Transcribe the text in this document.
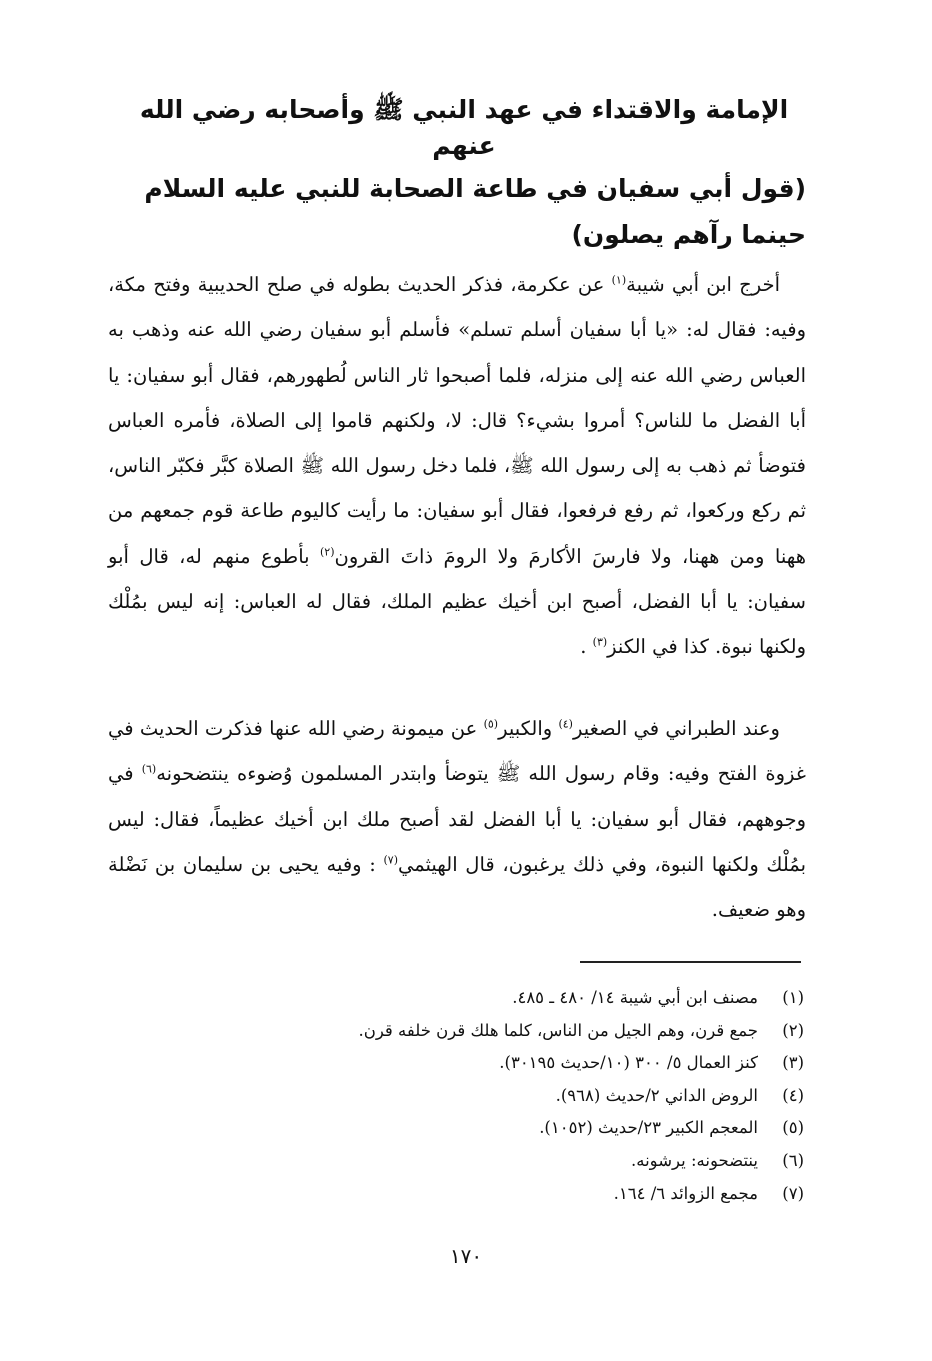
الإمامة والاقتداء في عهد النبي ﷺ وأصحابه رضي الله عنهم
(قول أبي سفيان في طاعة الصحابة للنبي عليه السلام حينما رآهم يصلون)

أخرج ابن أبي شيبة$^{(١)}$ عن عكرمة، فذكر الحديث بطوله في صلح الحديبية وفتح مكة، وفيه: فقال له: «يا أبا سفيان أسلم تسلم» فأسلم أبو سفيان رضي الله عنه وذهب به العباس رضي الله عنه إلى منزله، فلما أصبحوا ثار الناس لُطهورهم، فقال أبو سفيان: يا أبا الفضل ما للناس؟ أمروا بشيء؟ قال: لا، ولكنهم قاموا إلى الصلاة، فأمره العباس فتوضأ ثم ذهب به إلى رسول الله ﷺ، فلما دخل رسول الله ﷺ الصلاة كبَّر فكبّر الناس، ثم ركع وركعوا، ثم رفع فرفعوا، فقال أبو سفيان: ما رأيت كاليوم طاعة قوم جمعهم من ههنا ومن ههنا، ولا فارسَ الأكارمَ ولا الرومَ ذاتَ القرون$^{(٢)}$ بأطوع منهم له، قال أبو سفيان: يا أبا الفضل، أصبح ابن أخيك عظيم الملك، فقال له العباس: إنه ليس بمُلْك ولكنها نبوة. كذا في الكنز$^{(٣)}$ .

وعند الطبراني في الصغير$^{(٤)}$ والكبير$^{(٥)}$ عن ميمونة رضي الله عنها فذكرت الحديث في غزوة الفتح وفيه: وقام رسول الله ﷺ يتوضأ وابتدر المسلمون وُضوءه ينتضحونه$^{(٦)}$ في وجوههم، فقال أبو سفيان: يا أبا الفضل لقد أصبح ملك ابن أخيك عظيماً، فقال: ليس بمُلْك ولكنها النبوة، وفي ذلك يرغبون، قال الهيثمي$^{(٧)}$ : وفيه يحيى بن سليمان بن نَضْلة وهو ضعيف.

(١)مصنف ابن أبي شيبة ١٤/ ٤٨٠ ـ ٤٨٥.
(٢)جمع قرن، وهم الجيل من الناس، كلما هلك قرن خلفه قرن.
(٣)كنز العمال ٥/ ٣٠٠ (١٠/حديث ٣٠١٩٥).
(٤)الروض الداني ٢/حديث (٩٦٨).
(٥)المعجم الكبير ٢٣/حديث (١٠٥٢).
(٦)ينتضحونه: يرشونه.
(٧)مجمع الزوائد ٦/ ١٦٤.
١٧٠
